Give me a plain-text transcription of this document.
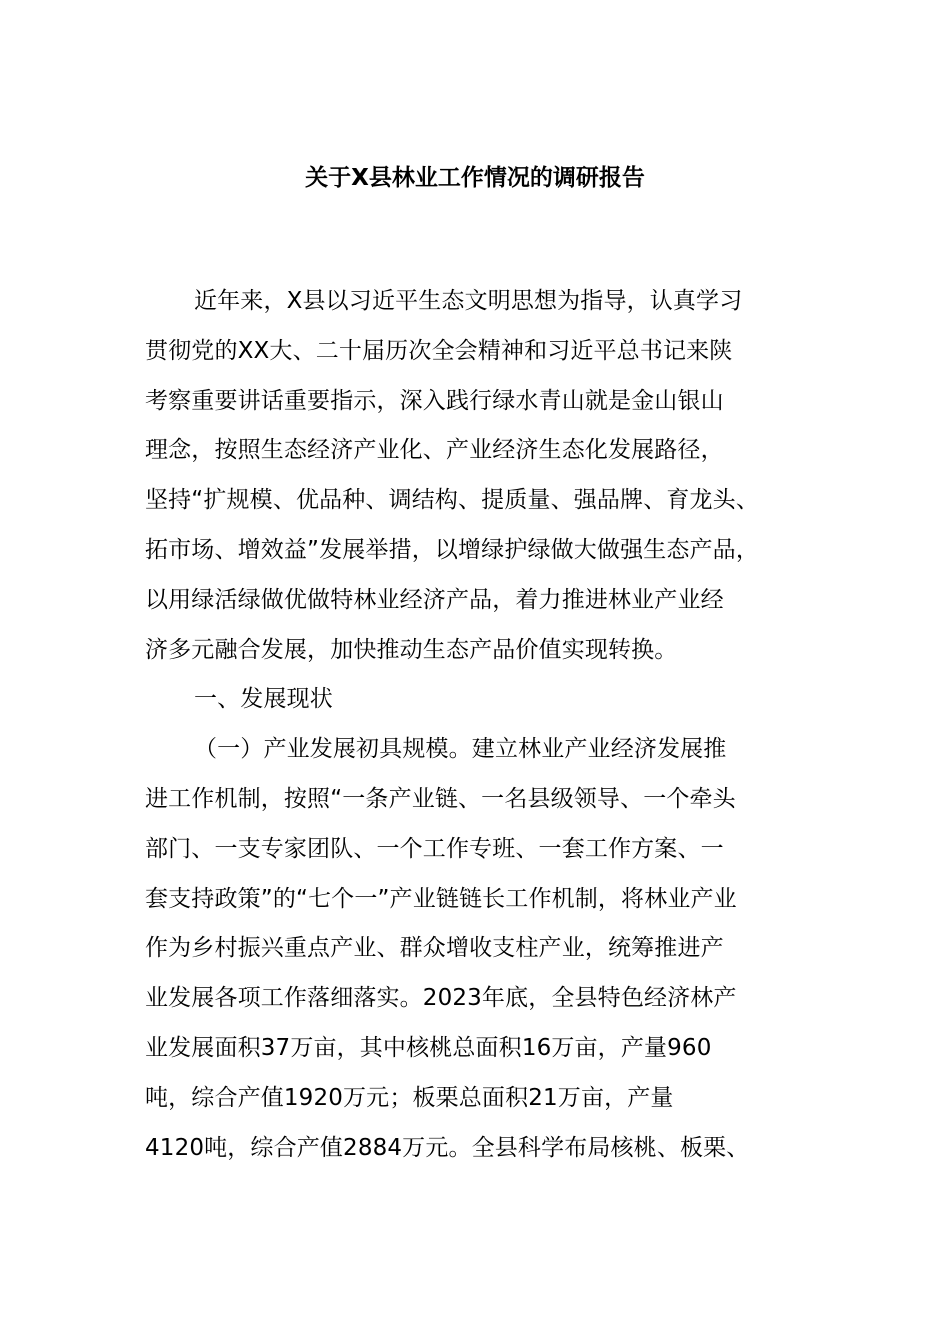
关于X县林业工作情况的调研报告
近年来，X县以习近平生态文明思想为指导，认真学习
贯彻党的XX大、二十届历次全会精神和习近平总书记来陕
考察重要讲话重要指示，深入践行绿水青山就是金山银山
理念，按照生态经济产业化、产业经济生态化发展路径，
坚持“扩规模、优品种、调结构、提质量、强品牌、育龙头、
拓市场、增效益”发展举措，以增绿护绿做大做强生态产品，
以用绿活绿做优做特林业经济产品，着力推进林业产业经
济多元融合发展，加快推动生态产品价值实现转换。
一、发展现状
（一）产业发展初具规模。建立林业产业经济发展推
进工作机制，按照“一条产业链、一名县级领导、一个牵头
部门、一支专家团队、一个工作专班、一套工作方案、一
套支持政策”的“七个一”产业链链长工作机制，将林业产业
作为乡村振兴重点产业、群众增收支柱产业，统筹推进产
业发展各项工作落细落实。2023年底，全县特色经济林产
业发展面积37万亩，其中核桃总面积16万亩，产量960
吨，综合产值1920万元；板栗总面积21万亩，产量
4120吨，综合产值2884万元。全县科学布局核桃、板栗、
